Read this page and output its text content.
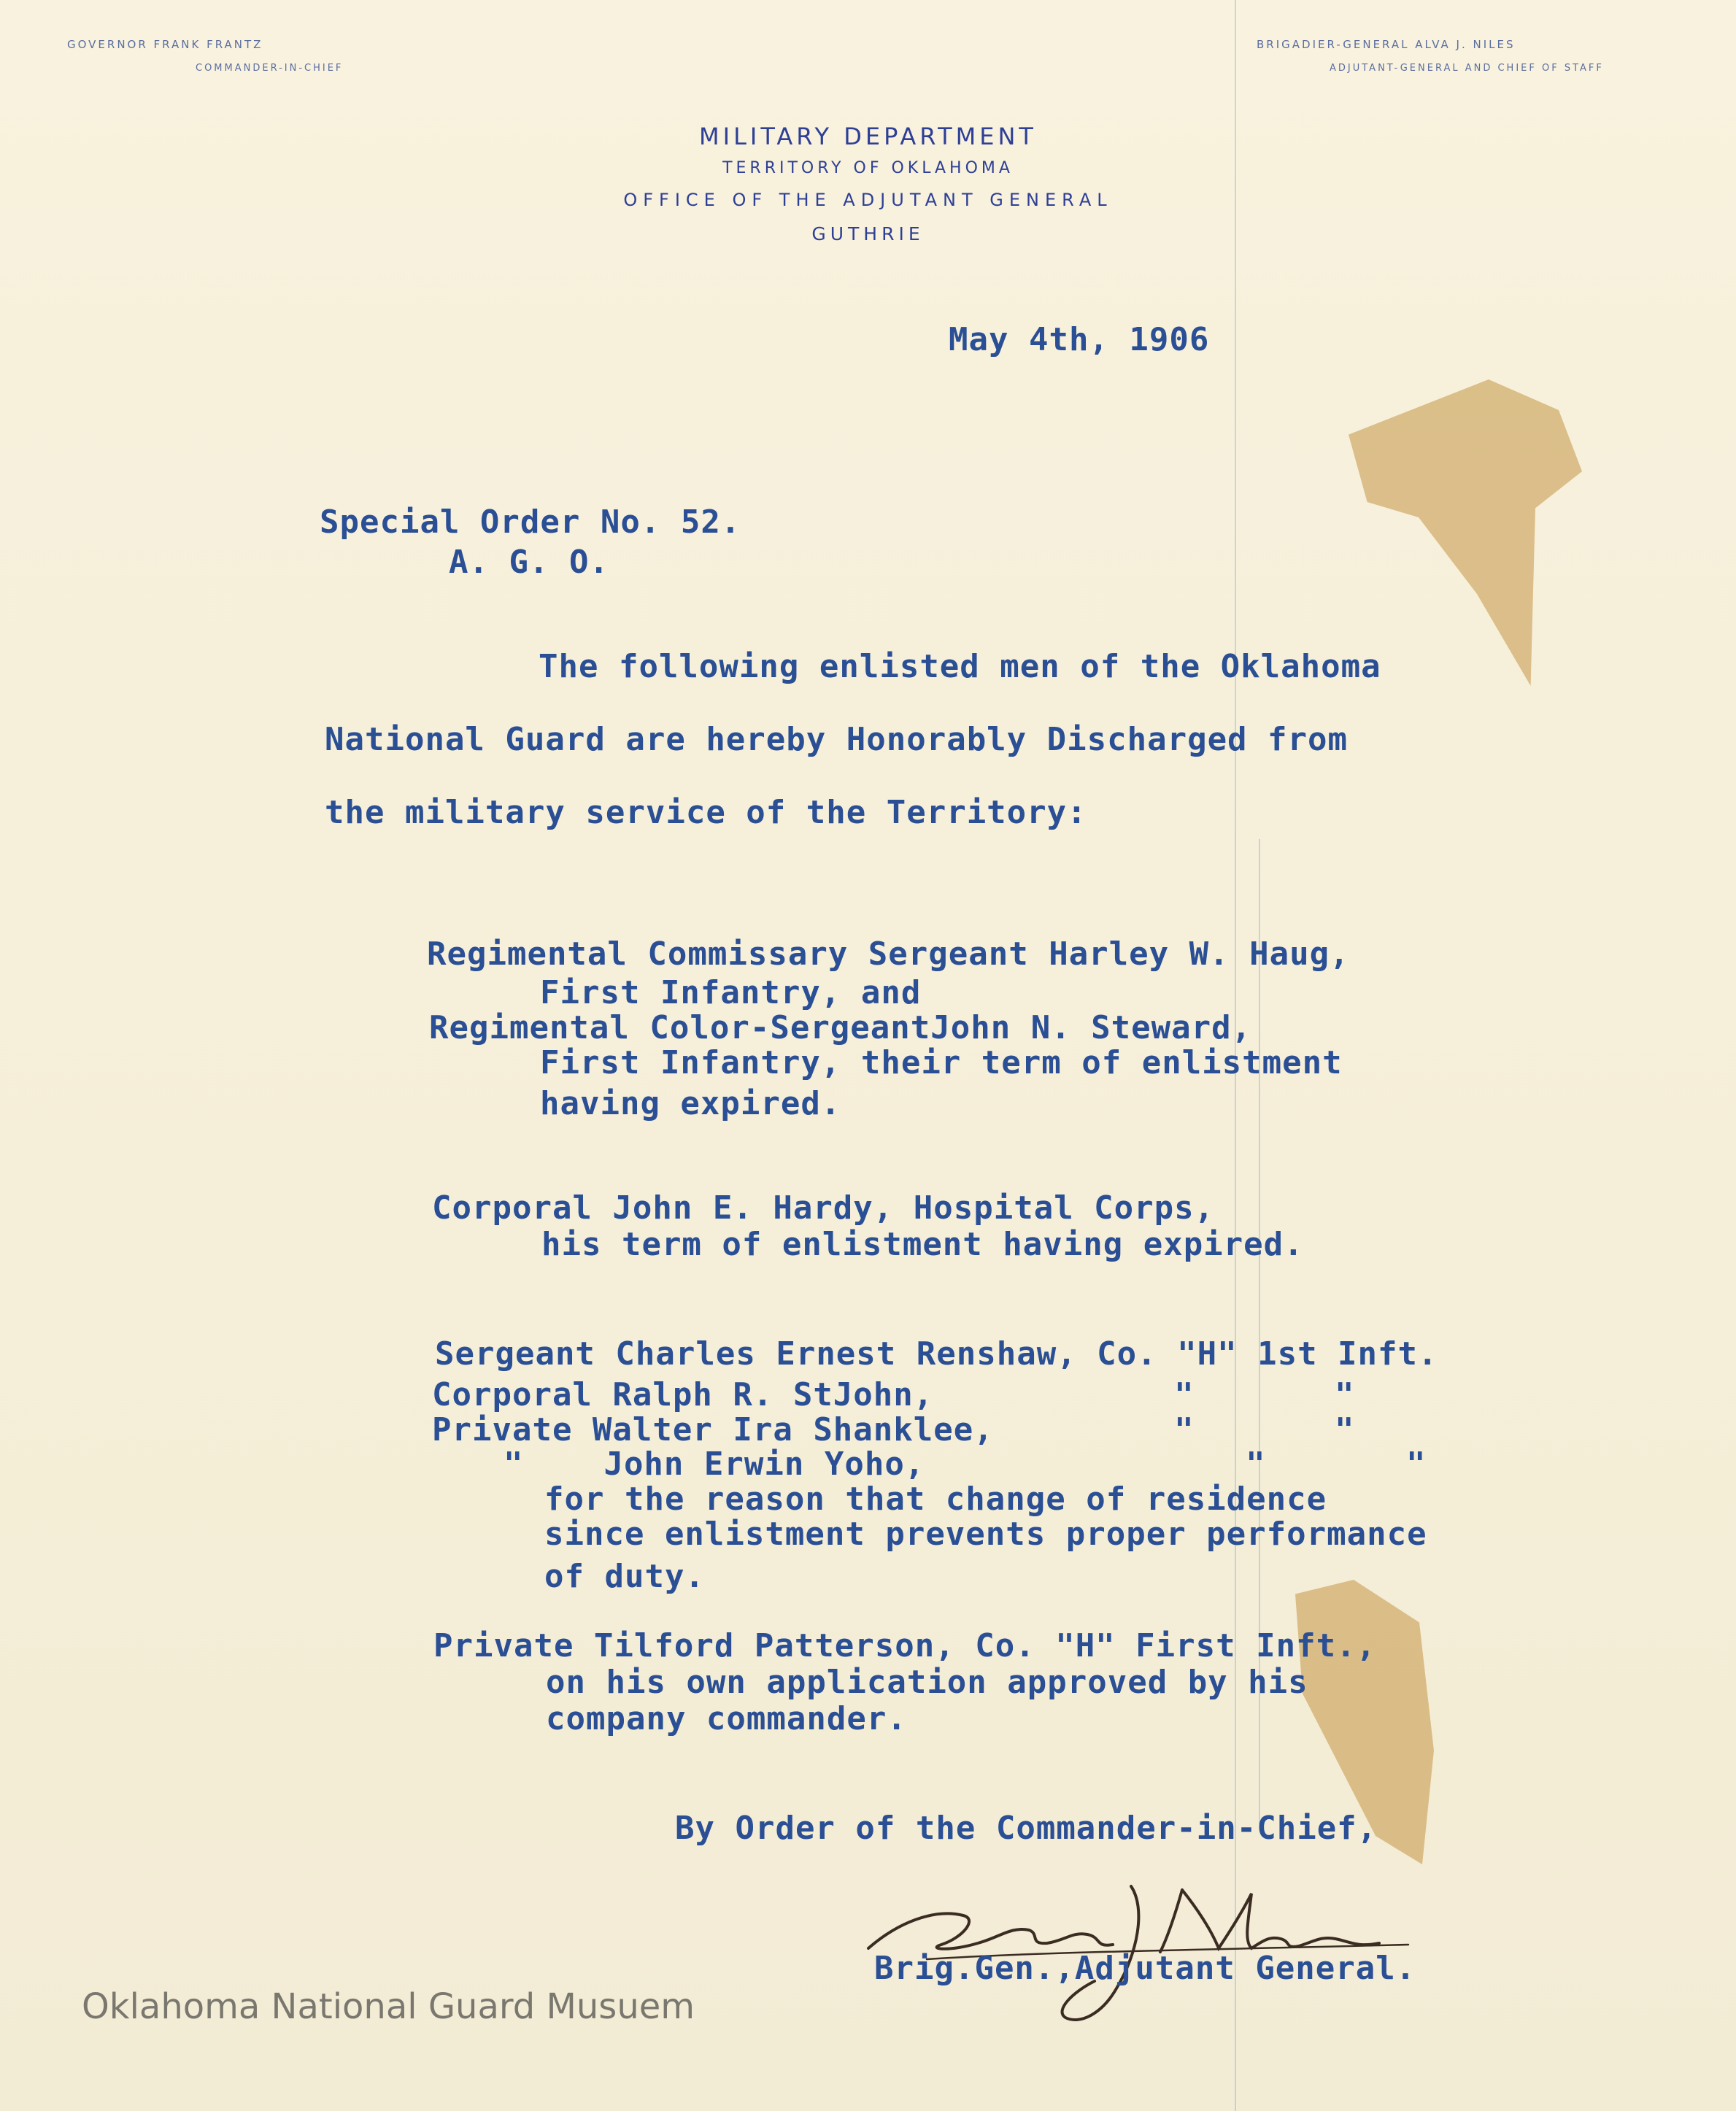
GOVERNOR FRANK FRANTZ
COMMANDER-IN-CHIEF
BRIGADIER-GENERAL ALVA J. NILES
ADJUTANT-GENERAL AND CHIEF OF STAFF
MILITARY DEPARTMENT
TERRITORY OF OKLAHOMA
OFFICE OF THE ADJUTANT GENERAL
GUTHRIE
May 4th, 1906
Special Order No. 52.
A. G. O.
The following enlisted men of the Oklahoma
National Guard are hereby Honorably Discharged from
the military service of the Territory:
Regimental Commissary Sergeant Harley W. Haug,
First Infantry, and
Regimental Color-SergeantJohn N. Steward,
First Infantry, their term of enlistment
having expired.
Corporal John E. Hardy, Hospital Corps,
his term of enlistment having expired.
Sergeant Charles Ernest Renshaw, Co. "H" 1st Inft.
Corporal Ralph R. StJohn,            "       "
Private Walter Ira Shanklee,         "       "
"    John Erwin Yoho,                "       "
for the reason that change of residence
since enlistment prevents proper performance
of duty.
Private Tilford Patterson, Co. "H" First Inft.,
on his own application approved by his
company commander.
By Order of the Commander-in-Chief,
Brig.Gen.,Adjutant General.
Oklahoma National Guard Musuem
